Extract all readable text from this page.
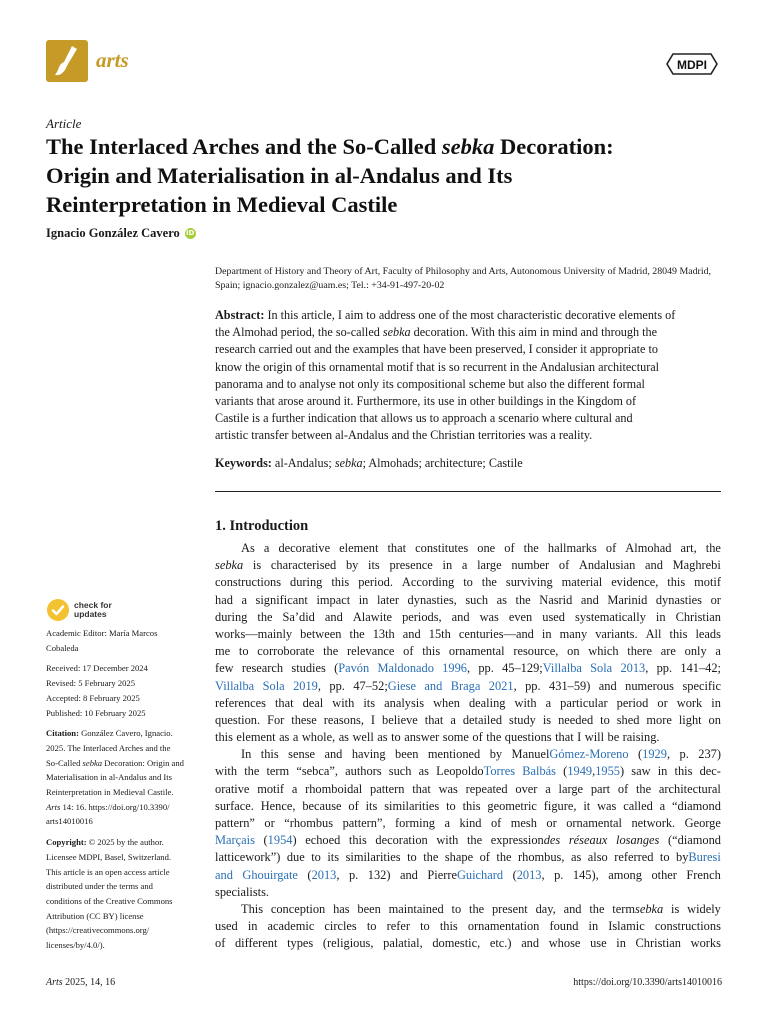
arts	MDPI
Article
The Interlaced Arches and the So-Called sebka Decoration:
Origin and Materialisation in al-Andalus and Its
Reinterpretation in Medieval Castile
Ignacio González Cavero iD
Department of History and Theory of Art, Faculty of Philosophy and Arts, Autonomous University of Madrid, 28049 Madrid, Spain; ignacio.gonzalez@uam.es; Tel.: +34-91-497-20-02
Abstract: In this article, I aim to address one of the most characteristic decorative elements of
the Almohad period, the so-called sebka decoration. With this aim in mind and through the
research carried out and the examples that have been preserved, I consider it appropriate to
know the origin of this ornamental motif that is so recurrent in the Andalusian architectural
panorama and to analyse not only its compositional scheme but also the different formal
variants that arose around it. Furthermore, its use in other buildings in the Kingdom of
Castile is a further indication that allows us to approach a scenario where cultural and
artistic transfer between al-Andalus and the Christian territories was a reality.
Keywords: al-Andalus; sebka; Almohads; architecture; Castile
1. Introduction
As a decorative element that constitutes one of the hallmarks of Almohad art, the
sebka is characterised by its presence in a large number of Andalusian and Maghrebi
constructions during this period. According to the surviving material evidence, this motif
had a significant impact in later dynasties, such as the Nasrid and Marinid dynasties or
during the Sa’did and Alawite periods, and was even used systematically in Christian
works—mainly between the 13th and 15th centuries—and in many variants. All this leads
me to corroborate the relevance of this ornamental resource, on which there are only a
few research studies (Pavón Maldonado 1996, pp. 45–129;Villalba Sola 2013, pp. 141–42;
Villalba Sola 2019, pp. 47–52;Giese and Braga 2021, pp. 431–59) and numerous specific
references that deal with its analysis when dealing with a particular period or work in
question. For these reasons, I believe that a detailed study is needed to shed more light on
this element as a whole, as well as to answer some of the questions that I will be raising.
In this sense and having been mentioned by ManuelGómez-Moreno (1929, p. 237)
with the term “sebca”, authors such as LeopoldoTorres Balbás (1949,1955) saw in this dec-
orative motif a rhomboidal pattern that was repeated over a large part of the architectural
surface. Hence, because of its similarities to this geometric figure, it was called a “diamond
pattern” or “rhombus pattern”, forming a kind of mesh or ornamental network. George
Marçais (1954) echoed this decoration with the expressiondes réseaux losanges (“diamond
latticework”) due to its similarities to the shape of the rhombus, as also referred to byBuresi
and Ghouirgate (2013, p. 132) and PierreGuichard (2013, p. 145), among other French
specialists.
This conception has been maintained to the present day, and the termsebka is widely
used in academic circles to refer to this ornamentation found in Islamic constructions
of different types (religious, palatial, domestic, etc.) and whose use in Christian works
check for
updates
Academic Editor: María Marcos
Cobaleda
Received: 17 December 2024
Revised: 5 February 2025
Accepted: 8 February 2025
Published: 10 February 2025
Citation: González Cavero, Ignacio.
2025. The Interlaced Arches and the
So-Called sebka Decoration: Origin and
Materialisation in al-Andalus and Its
Reinterpretation in Medieval Castile.
Arts 14: 16. https://doi.org/10.3390/
arts14010016
Copyright: © 2025 by the author.
Licensee MDPI, Basel, Switzerland.
This article is an open access article
distributed under the terms and
conditions of the Creative Commons
Attribution (CC BY) license
(https://creativecommons.org/
licenses/by/4.0/).
Arts 2025, 14, 16	https://doi.org/10.3390/arts14010016
